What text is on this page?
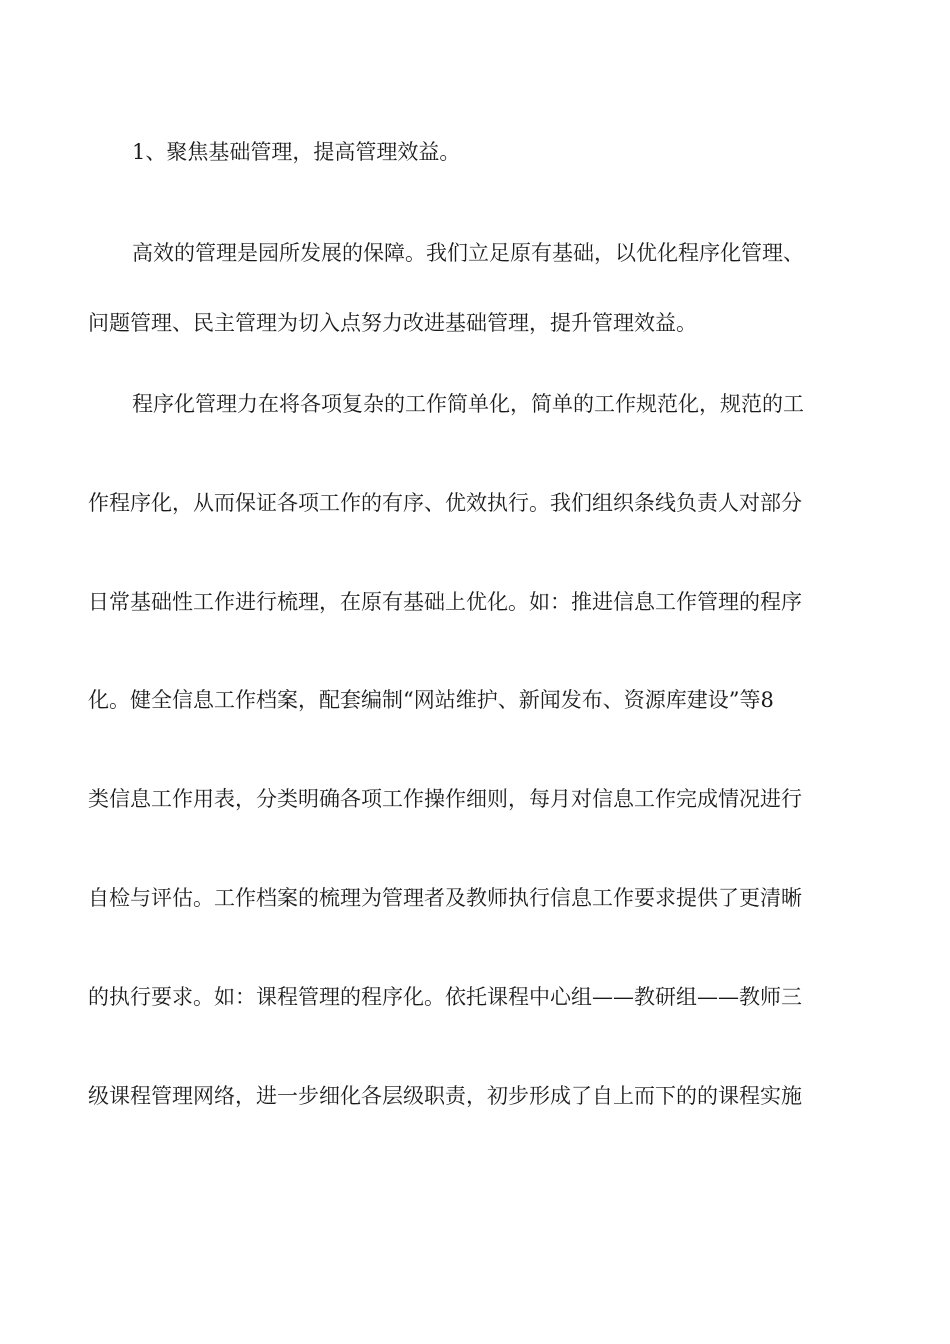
1、聚焦基础管理，提高管理效益。
高效的管理是园所发展的保障。我们立足原有基础，以优化程序化管理、
问题管理、民主管理为切入点努力改进基础管理，提升管理效益。
程序化管理力在将各项复杂的工作简单化，简单的工作规范化，规范的工
作程序化，从而保证各项工作的有序、优效执行。我们组织条线负责人对部分
日常基础性工作进行梳理，在原有基础上优化。如：推进信息工作管理的程序
化。健全信息工作档案，配套编制“网站维护、新闻发布、资源库建设”等8
类信息工作用表，分类明确各项工作操作细则，每月对信息工作完成情况进行
自检与评估。工作档案的梳理为管理者及教师执行信息工作要求提供了更清晰
的执行要求。如：课程管理的程序化。依托课程中心组——教研组——教师三
级课程管理网络，进一步细化各层级职责，初步形成了自上而下的的课程实施
